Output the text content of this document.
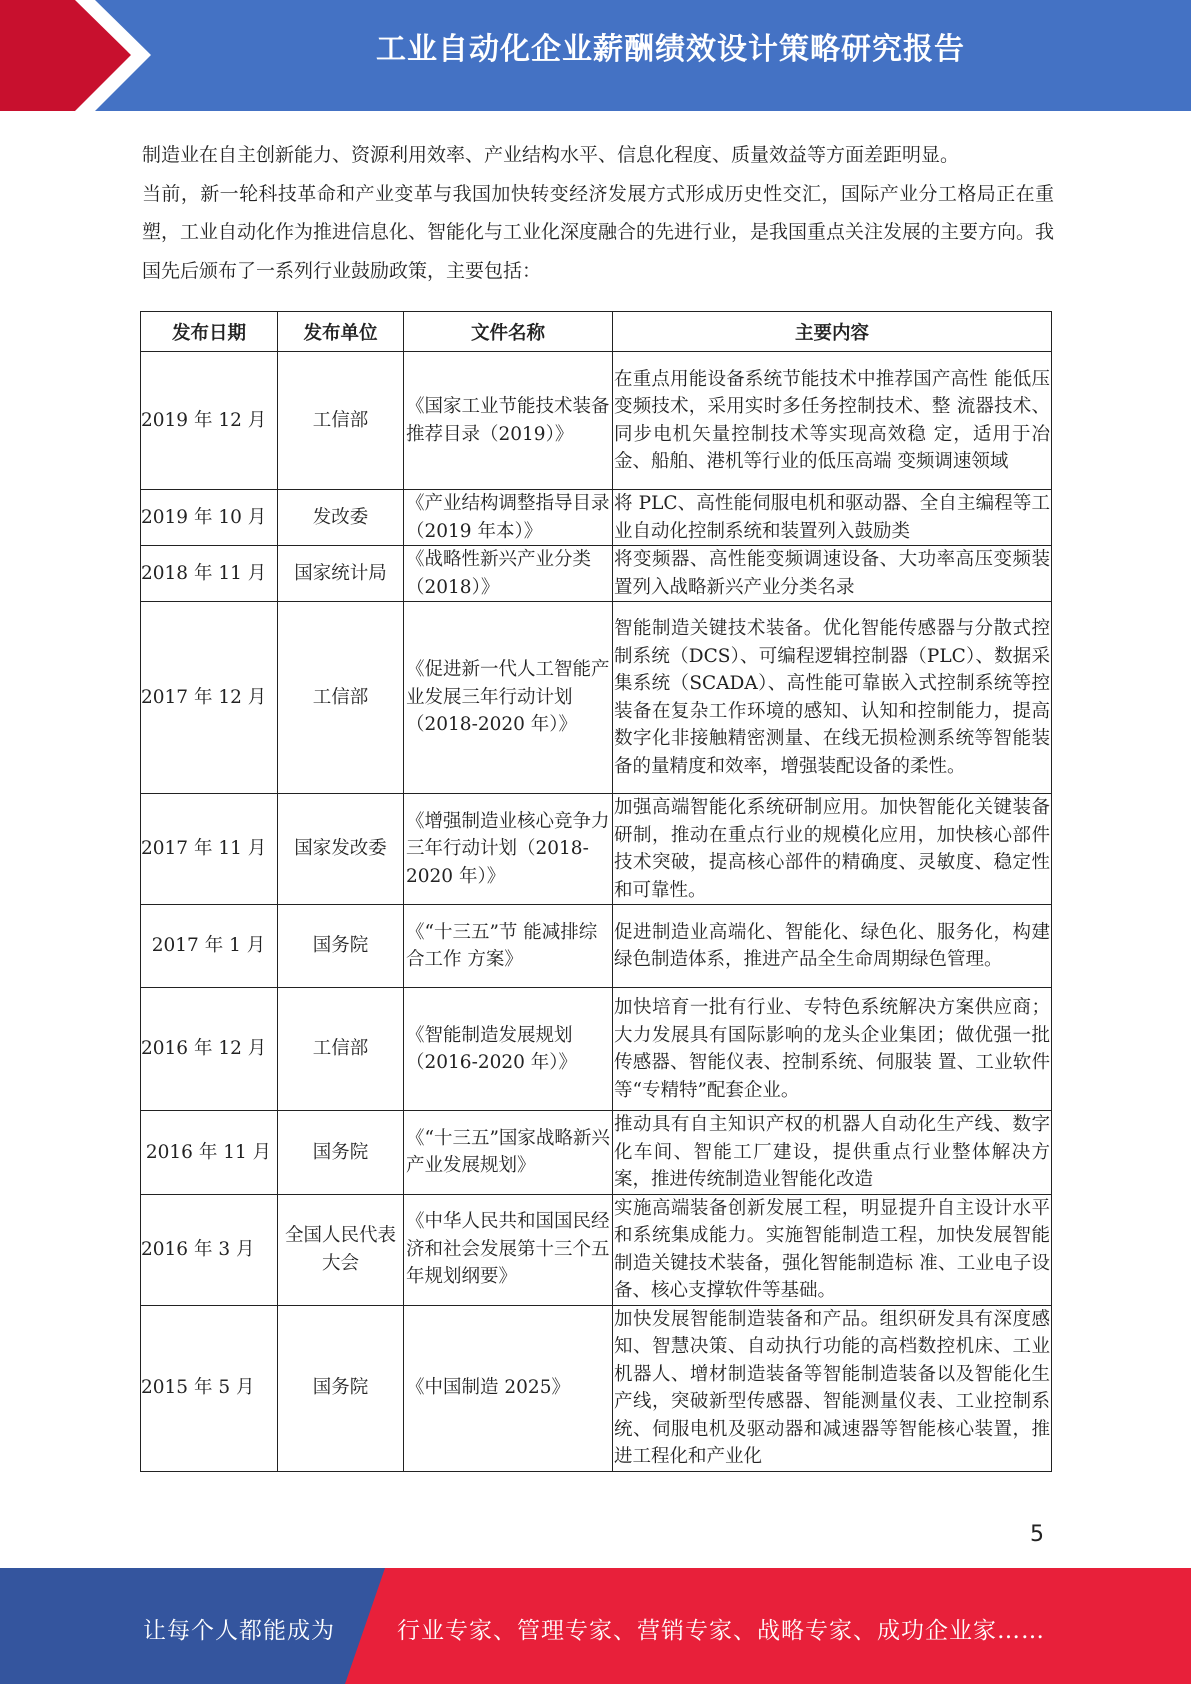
工业自动化企业薪酬绩效设计策略研究报告

制造业在自主创新能力、资源利用效率、产业结构水平、信息化程度、质量效益等方面差距明显。

当前，新一轮科技革命和产业变革与我国加快转变经济发展方式形成历史性交汇，国际产业分工格局正在重塑，工业自动化作为推进信息化、智能化与工业化深度融合的先进行业，是我国重点关注发展的主要方向。我国先后颁布了一系列行业鼓励政策，主要包括：

发布日期	发布单位	文件名称	主要内容
2019 年 12 月	工信部	《国家工业节能技术装备推荐目录（2019）》	在重点用能设备系统节能技术中推荐国产高性 能低压变频技术，采用实时多任务控制技术、整 流器技术、同步电机矢量控制技术等实现高效稳 定，适用于冶金、船舶、港机等行业的低压高端 变频调速领域
2019 年 10 月	发改委	《产业结构调整指导目录（2019 年本）》	将 PLC、高性能伺服电机和驱动器、全自主编程等工业自动化控制系统和装置列入鼓励类
2018 年 11 月	国家统计局	《战略性新兴产业分类（2018）》	将变频器、高性能变频调速设备、大功率高压变频装置列入战略新兴产业分类名录
2017 年 12 月	工信部	《促进新一代人工智能产业发展三年行动计划（2018-2020 年）》	智能制造关键技术装备。优化智能传感器与分散式控制系统（DCS）、可编程逻辑控制器（PLC）、数据采集系统（SCADA）、高性能可靠嵌入式控制系统等控装备在复杂工作环境的感知、认知和控制能力，提高数字化非接触精密测量、在线无损检测系统等智能装备的量精度和效率，增强装配设备的柔性。
2017 年 11 月	国家发改委	《增强制造业核心竞争力三年行动计划（2018-2020 年）》	加强高端智能化系统研制应用。加快智能化关键装备研制，推动在重点行业的规模化应用，加快核心部件技术突破，提高核心部件的精确度、灵敏度、稳定性和可靠性。
2017 年 1 月	国务院	《“十三五”节 能减排综合工作 方案》	促进制造业高端化、智能化、绿色化、服务化，构建绿色制造体系，推进产品全生命周期绿色管理。
2016 年 12 月	工信部	《智能制造发展规划（2016-2020 年）》	加快培育一批有行业、专特色系统解决方案供应商；大力发展具有国际影响的龙头企业集团；做优强一批传感器、智能仪表、控制系统、伺服装 置、工业软件等“专精特”配套企业。
2016 年 11 月	国务院	《“十三五”国家战略新兴产业发展规划》	推动具有自主知识产权的机器人自动化生产线、数字化车间、智能工厂建设，提供重点行业整体解决方案，推进传统制造业智能化改造
2016 年 3 月	全国人民代表大会	《中华人民共和国国民经济和社会发展第十三个五年规划纲要》	实施高端装备创新发展工程，明显提升自主设计水平和系统集成能力。实施智能制造工程，加快发展智能制造关键技术装备，强化智能制造标 准、工业电子设备、核心支撑软件等基础。
2015 年 5 月	国务院	《中国制造 2025》	加快发展智能制造装备和产品。组织研发具有深度感知、智慧决策、自动执行功能的高档数控机床、工业机器人、增材制造装备等智能制造装备以及智能化生产线，突破新型传感器、智能测量仪表、工业控制系统、伺服电机及驱动器和减速器等智能核心装置，推进工程化和产业化
5
让每个人都能成为	行业专家、管理专家、营销专家、战略专家、成功企业家……
